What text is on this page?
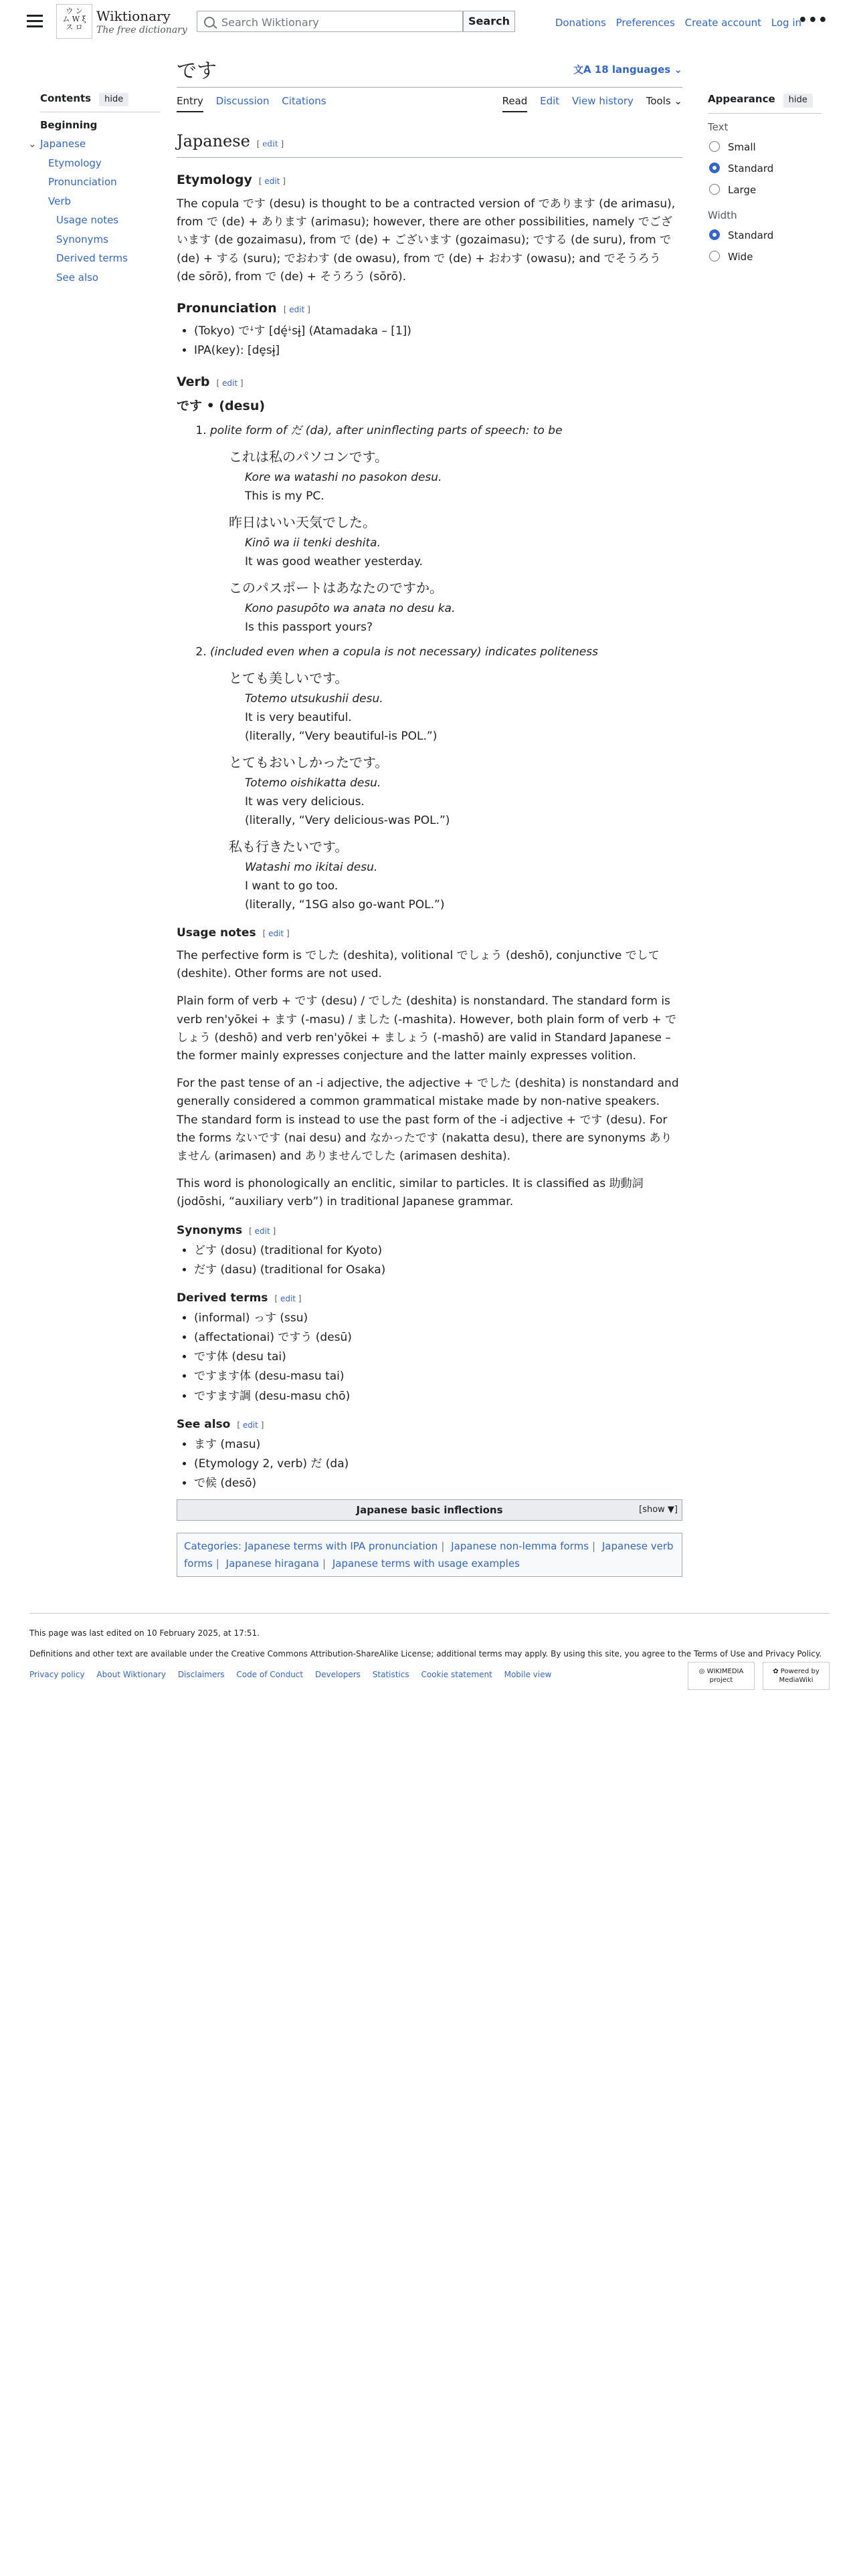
ウ ン
ム W ξ
ス ロ
Wiktionary
The free dictionary
Search Wiktionary
Search	Donations Preferences Create account Log in
•••
Contents hide
Beginning
⌄ Japanese
Etymology
Pronunciation
Verb
Usage notes
Synonyms
Derived terms
See also
Appearance hide
Text
Small
Standard
Large
Width
Standard
Wide
です	文A 18 languages ⌄
Entry Discussion Citations	Read Edit View history Tools ⌄
Japanese [ edit ]
Etymology [ edit ]

The copula です (desu) is thought to be a contracted version of であります (de arimasu), from で (de) + あります (arimasu); however, there are other possibilities, namely でございます (de gozaimasu), from で (de) + ございます (gozaimasu); でする (de suru), from で (de) + する (suru); でおわす (de owasu), from で (de) + おわす (owasu); and でそうろう (de sōrō), from で (de) + そうろう (sōrō).

Pronunciation [ edit ]
• (Tokyo) でꜜす [dé̞ꜜsɨ̥] (Atamadaka – [1])
• IPA(key): [de̞sɨ̥]
Verb [ edit ]
です • (desu)
1. polite form of だ (da), after uninflecting parts of speech: to be
これは私のパソコンです。
Kore wa watashi no pasokon desu.
This is my PC.
昨日はいい天気でした。
Kinō wa ii tenki deshita.
It was good weather yesterday.
このパスポートはあなたのですか。
Kono pasupōto wa anata no desu ka.
Is this passport yours?
2. (included even when a copula is not necessary) indicates politeness
とても美しいです。
Totemo utsukushii desu.
It is very beautiful.
(literally, “Very beautiful-is POL.”)
とてもおいしかったです。
Totemo oishikatta desu.
It was very delicious.
(literally, “Very delicious-was POL.”)
私も行きたいです。
Watashi mo ikitai desu.
I want to go too.
(literally, “1SG also go-want POL.”)
Usage notes [ edit ]

The perfective form is でした (deshita), volitional でしょう (deshō), conjunctive でして (deshite). Other forms are not used.

Plain form of verb + です (desu) / でした (deshita) is nonstandard. The standard form is verb ren'yōkei + ます (-masu) / ました (-mashita). However, both plain form of verb + でしょう (deshō) and verb ren'yōkei + ましょう (-mashō) are valid in Standard Japanese – the former mainly expresses conjecture and the latter mainly expresses volition.

For the past tense of an -i adjective, the adjective + でした (deshita) is nonstandard and generally considered a common grammatical mistake made by non-native speakers. The standard form is instead to use the past form of the -i adjective + です (desu). For the forms ないです (nai desu) and なかったです (nakatta desu), there are synonyms ありません (arimasen) and ありませんでした (arimasen deshita).

This word is phonologically an enclitic, similar to particles. It is classified as 助動詞 (jodōshi, “auxiliary verb”) in traditional Japanese grammar.

Synonyms [ edit ]
• どす (dosu) (traditional for Kyoto)
• だす (dasu) (traditional for Osaka)
Derived terms [ edit ]
• (informal) っす (ssu)
• (affectationai) ですう (desū)
• です体 (desu tai)
• ですます体 (desu-masu tai)
• ですます調 (desu-masu chō)
See also [ edit ]
• ます (masu)
• (Etymology 2, verb) だ (da)
• で候 (desō)
Japanese basic inflections	[show ▼]
Categories: Japanese terms with IPA pronunciation | Japanese non-lemma forms | Japanese verb forms | Japanese hiragana | Japanese terms with usage examples
This page was last edited on 10 February 2025, at 17:51.
Definitions and other text are available under the Creative Commons Attribution-ShareAlike License; additional terms may apply. By using this site, you agree to the Terms of Use and Privacy Policy.
Privacy policy About Wiktionary Disclaimers Code of Conduct Developers Statistics Cookie statement Mobile view	◎ WIKIMEDIA project
✿ Powered by MediaWiki
